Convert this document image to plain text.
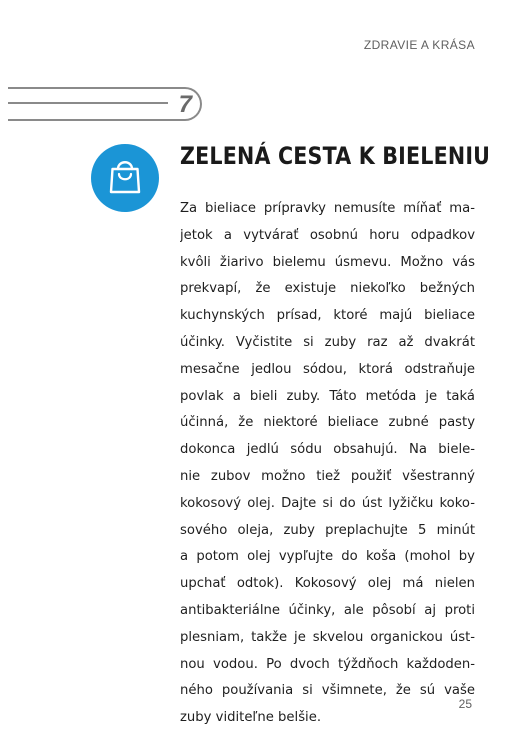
ZDRAVIE A KRÁSA
7
ZELENÁ CESTA K BIELENIU
Za bieliace prípravky nemusíte míňať ma-
jetok a vytvárať osobnú horu odpadkov
kvôli žiarivo bielemu úsmevu. Možno vás
prekvapí, že existuje niekoľko bežných
kuchynských prísad, ktoré majú bieliace
účinky. Vyčistite si zuby raz až dvakrát
mesačne jedlou sódou, ktorá odstraňuje
povlak a bieli zuby. Táto metóda je taká
účinná, že niektoré bieliace zubné pasty
dokonca jedlú sódu obsahujú. Na biele-
nie zubov možno tiež použiť všestranný
kokosový olej. Dajte si do úst lyžičku koko-
sového oleja, zuby preplachujte 5 minút
a potom olej vypľujte do koša (mohol by
upchať odtok). Kokosový olej má nielen
antibakteriálne účinky, ale pôsobí aj proti
plesniam, takže je skvelou organickou úst-
nou vodou. Po dvoch týždňoch každoden-
ného používania si všimnete, že sú vaše
zuby viditeľne belšie.
25
